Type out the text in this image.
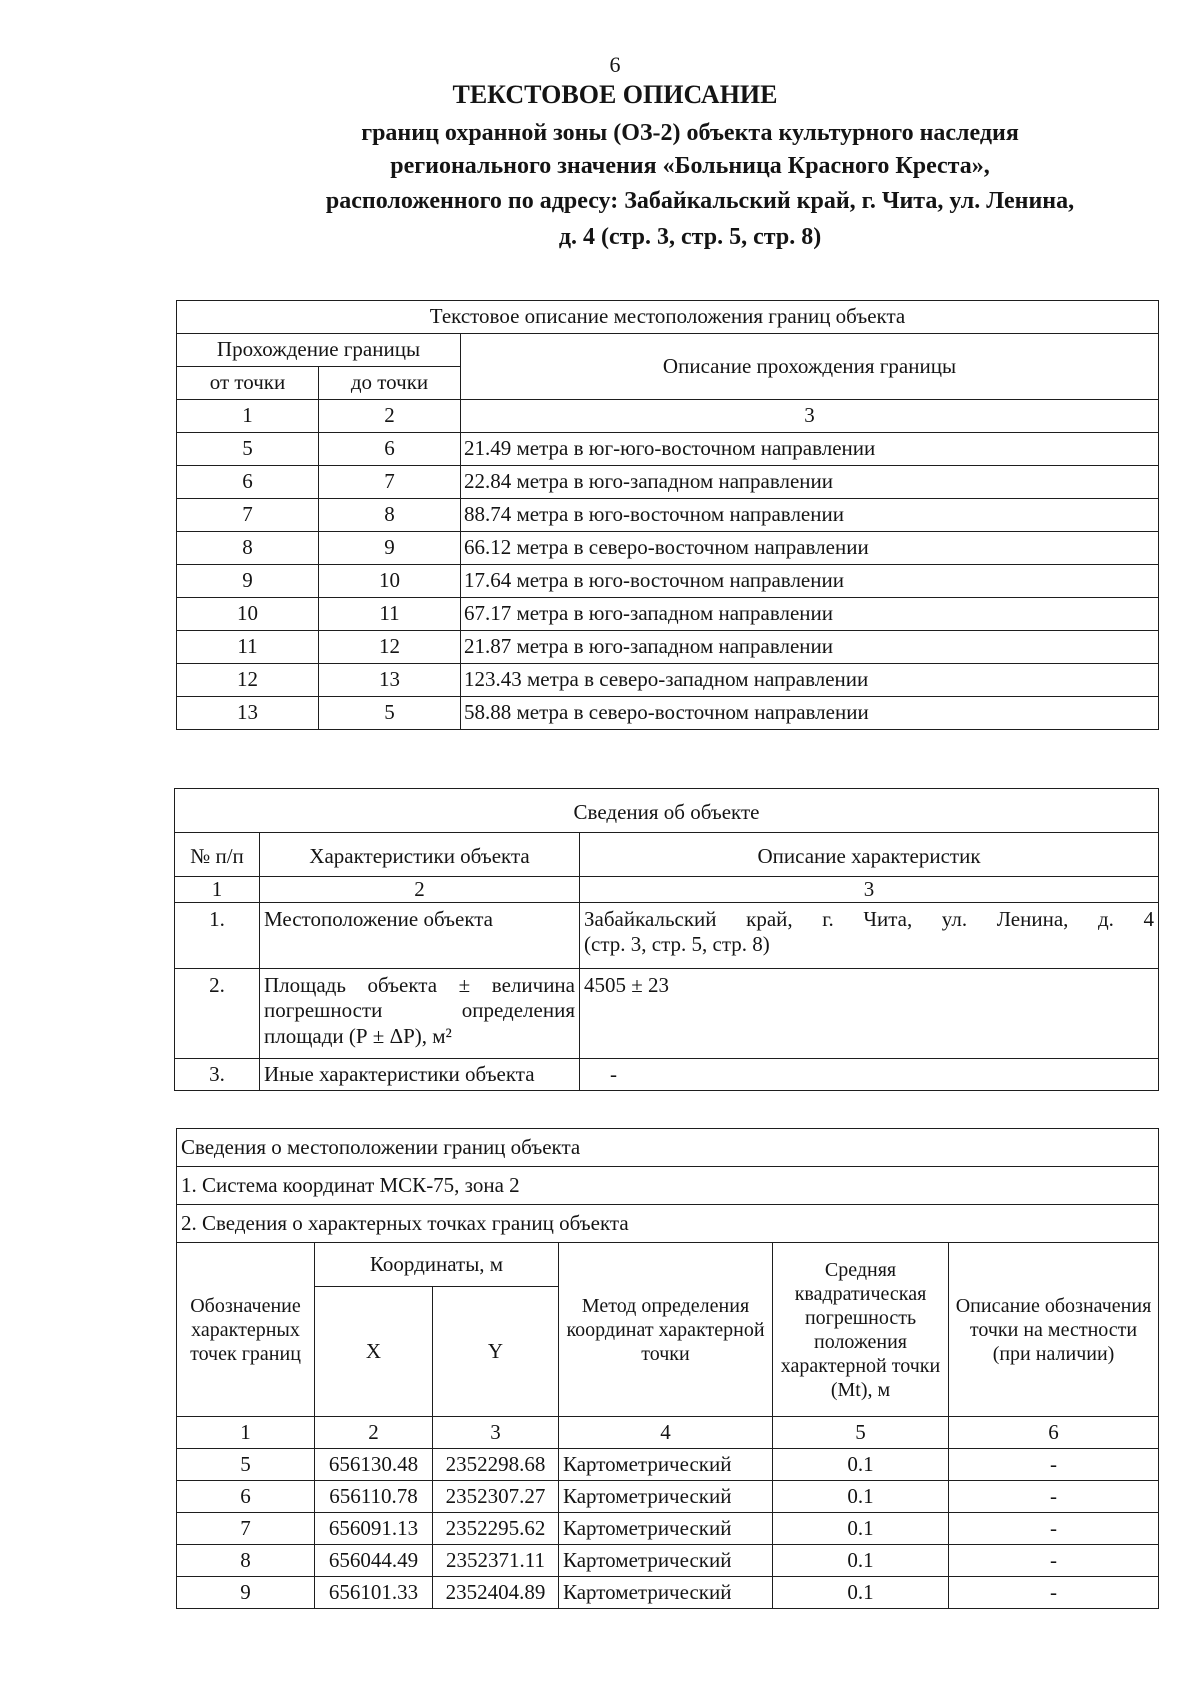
6
ТЕКСТОВОЕ ОПИСАНИЕ
границ охранной зоны (ОЗ-2) объекта культурного наследия
регионального значения «Больница Красного Креста»,
расположенного по адресу: Забайкальский край, г. Чита, ул. Ленина,
д. 4 (стр. 3, стр. 5, стр. 8)
Текстовое описание местоположения границ объекта		
Прохождение границы		Описание прохождения границы
от точки	до точки	
1	2	3
5	6	21.49 метра в юг-юго-восточном направлении
6	7	22.84 метра в юго-западном направлении
7	8	88.74 метра в юго-восточном направлении
8	9	66.12 метра в северо-восточном направлении
9	10	17.64 метра в юго-восточном направлении
10	11	67.17 метра в юго-западном направлении
11	12	21.87 метра в юго-западном направлении
12	13	123.43 метра в северо-западном направлении
13	5	58.88 метра в северо-восточном направлении
Сведения об объекте		
№ п/п	Характеристики объекта	Описание характеристик
1	2	3
1.	Местоположение объекта	Забайкальский край, г. Чита, ул. Ленина, д. 4
(стр. 3, стр. 5, стр. 8)

2.	Площадь объекта ± величина
погрешности определения
площади (Р ± ΔР), м²	4505 ± 23
3.	Иные характеристики объекта	-
Сведения о местоположении границ объекта					
1. Система координат МСК-75, зона 2					
2. Сведения о характерных точках границ объекта					
Обозначение характерных точек границ	Координаты, м		Метод определения координат характерной точки	Средняя квадратическая погрешность положения характерной точки (Mt), м	Описание обозначения точки на местности (при наличии)
	X	Y			
1	2	3	4	5	6
5	656130.48	2352298.68	Картометрический	0.1	-
6	656110.78	2352307.27	Картометрический	0.1	-
7	656091.13	2352295.62	Картометрический	0.1	-
8	656044.49	2352371.11	Картометрический	0.1	-
9	656101.33	2352404.89	Картометрический	0.1	-
